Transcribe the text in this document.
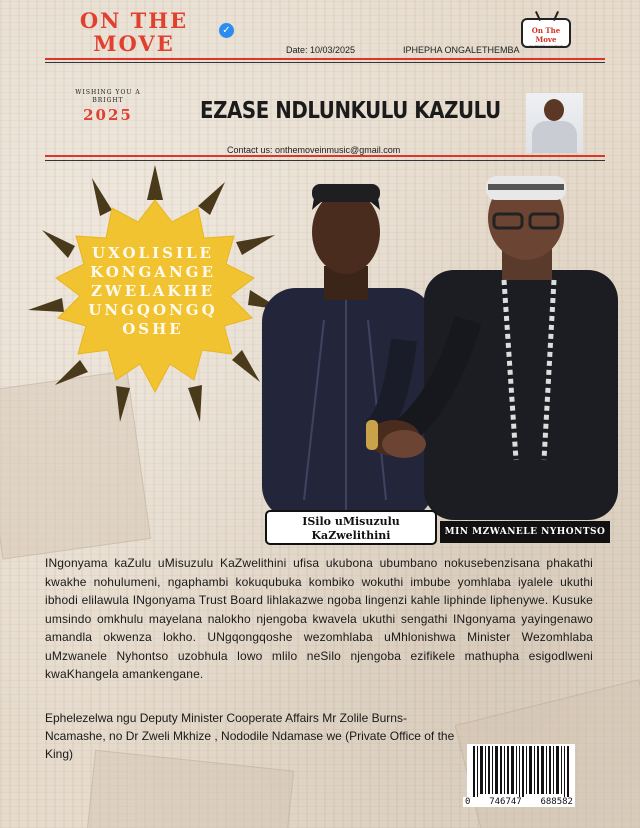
ON THE
MOVE
✓
Date: 10/03/2025	IPHEPHA ONGALETHEMBA
On The Move
ENTERTAINMENT
WISHING YOU A BRIGHT
2025	EZASE NDLUNKULU KAZULU
Contact us: onthemoveinmusic@gmail.com
UXOLISILE
KONGANGE
ZWELAKHE
UNGQONGQ
OSHE
ISilo uMisuzulu
KaZwelithini	MIN MZWANELE NYHONTSO

INgonyama kaZulu uMisuzulu KaZwelithini ufisa ukubona ubumbano nokusebenzisana phakathi kwakhe nohulumeni, ngaphambi kokuqubuka kombiko wokuthi imbube yomhlaba iyalele ukuthi ibhodi elilawula INgonyama Trust Board lihlakazwe ngoba lingenzi kahle liphinde liphenywe. Kusuke umsindo omkhulu mayelana nalokho njengoba kwavela ukuthi sengathi INgonyama yayingenawo amandla okwenza lokho. UNgqongqoshe wezomhlaba uMhlonishwa Minister Wezomhlaba uMzwanele Nyhontso uzobhula lowo mlilo neSilo njengoba ezifikele mathupha esigodlweni kwaKhangela amankengane.

Ephelezelwa ngu Deputy Minister Cooperate Affairs Mr Zolile Burns- Ncamashe, no Dr Zweli Mkhize , Nododile Ndamase we (Private Office of the King)

0 746747 688582
